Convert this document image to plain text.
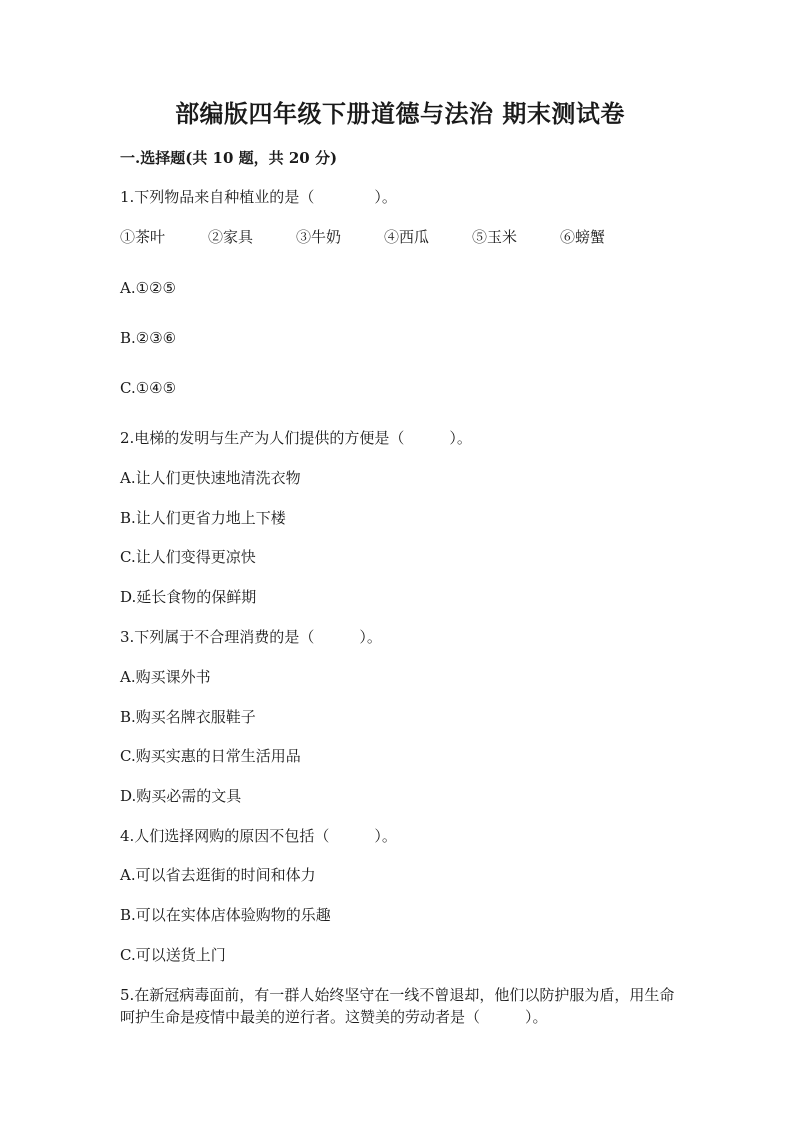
部编版四年级下册道德与法治 期末测试卷
一.选择题(共 10 题，共 20 分)
1.下列物品来自种植业的是（　　　　）。
①茶叶	②家具	③牛奶	④西瓜	⑤玉米	⑥螃蟹
A.①②⑤
B.②③⑥
C.①④⑤
2.电梯的发明与生产为人们提供的方便是（　　　）。
A.让人们更快速地清洗衣物
B.让人们更省力地上下楼
C.让人们变得更凉快
D.延长食物的保鲜期
3.下列属于不合理消费的是（　　　）。
A.购买课外书
B.购买名牌衣服鞋子
C.购买实惠的日常生活用品
D.购买必需的文具
4.人们选择网购的原因不包括（　　　）。
A.可以省去逛街的时间和体力
B.可以在实体店体验购物的乐趣
C.可以送货上门
5.在新冠病毒面前，有一群人始终坚守在一线不曾退却，他们以防护服为盾，用生命呵护生命是疫情中最美的逆行者。这赞美的劳动者是（　　　）。
